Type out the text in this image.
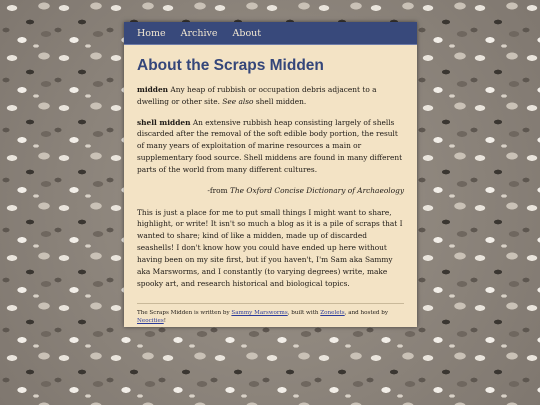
Home Archive About
About the Scraps Midden

midden Any heap of rubbish or occupation debris adjacent to a dwelling or other site. See also shell midden.

shell midden An extensive rubbish heap consisting largely of shells discarded after the removal of the soft edible body portion, the result of many years of exploitation of marine resources a main or supplementary food source. Shell middens are found in many different parts of the world from many different cultures.

-from The Oxford Concise Dictionary of Archaeology

This is just a place for me to put small things I might want to share, highlight, or write! It isn't so much a blog as it is a pile of scraps that I wanted to share; kind of like a midden, made up of discarded seashells! I don't know how you could have ended up here without having been on my site first, but if you haven't, I'm Sam aka Sammy aka Marsworms, and I constantly (to varying degrees) write, make spooky art, and research historical and biological topics.

The Scraps Midden is written by Sammy Marsworms, built with Zonelets, and hosted by Neocities!
